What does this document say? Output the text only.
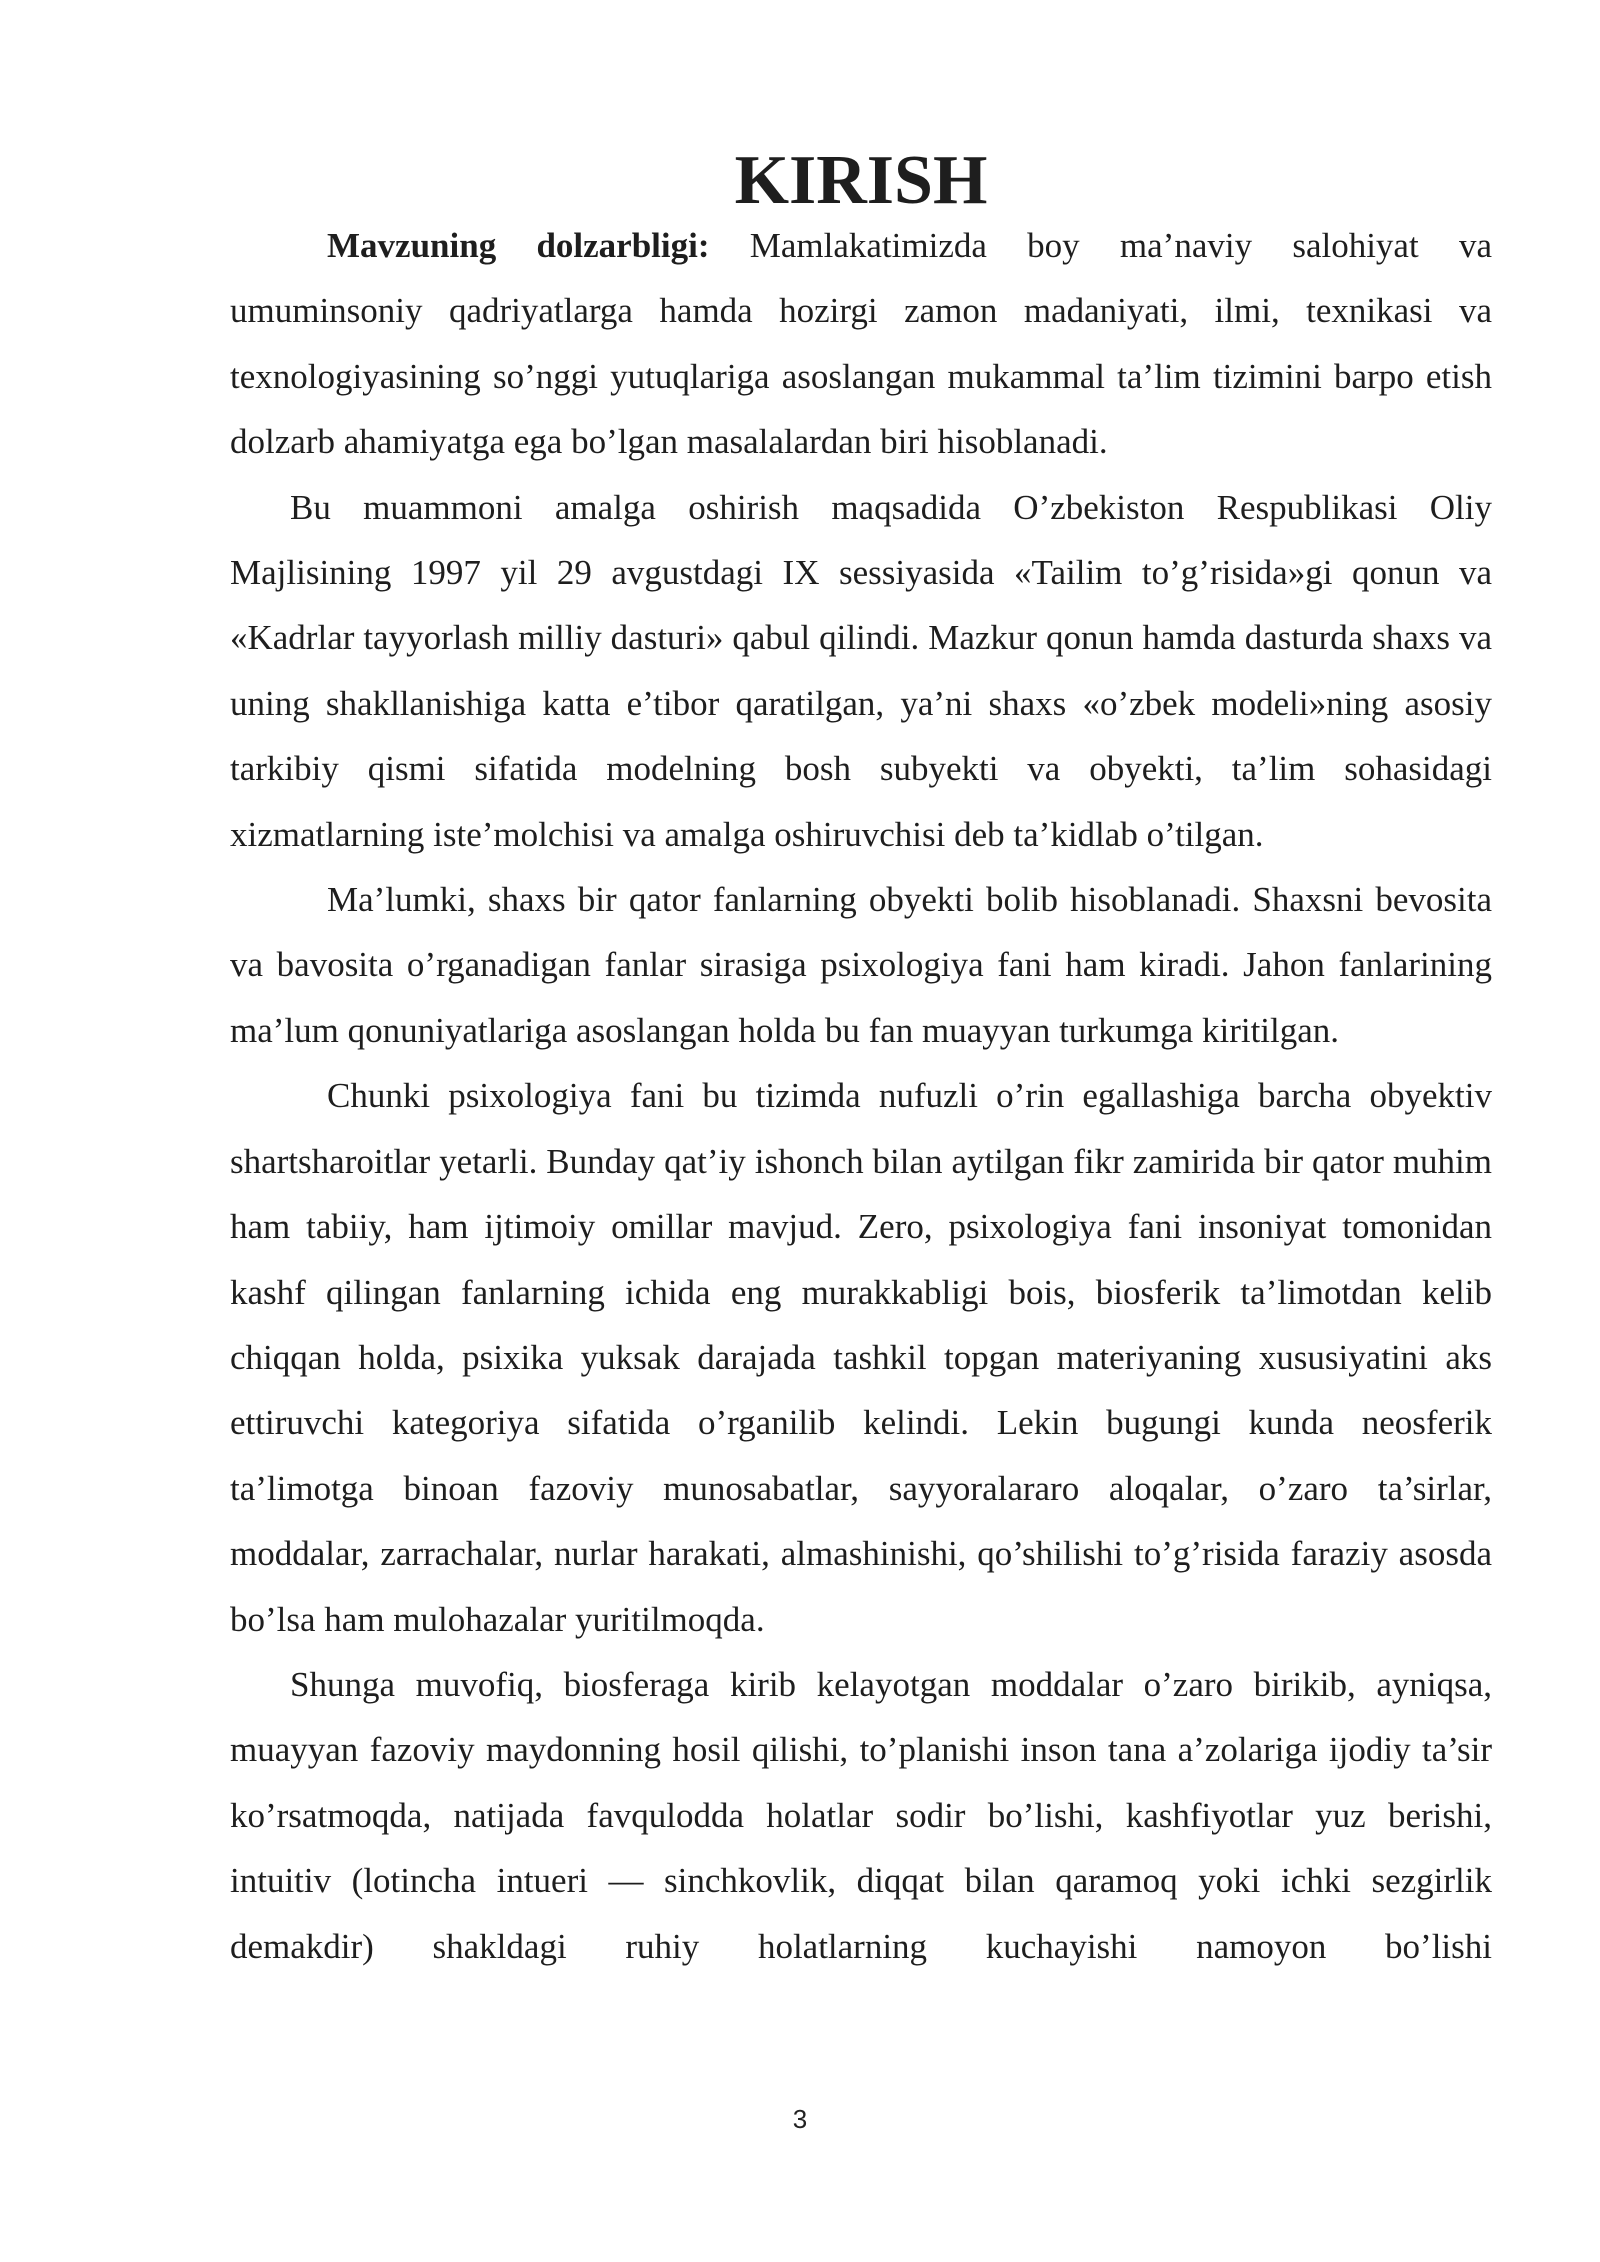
KIRISH

Mavzuning dolzarbligi: Mamlakatimizda boy ma’naviy salohiyat va umuminsoniy qadriyatlarga hamda hozirgi zamon madaniyati, ilmi, texnikasi va texnologiyasining so’nggi yutuqlariga asoslangan mukammal ta’lim tizimini barpo etish dolzarb ahamiyatga ega bo’lgan masalalardan biri hisoblanadi.

Bu muammoni amalga oshirish maqsadida O’zbekiston Respublikasi Oliy Majlisining 1997 yil 29 avgustdagi IX sessiyasida «Tailim to’g’risida»gi qonun va «Kadrlar tayyorlash milliy dasturi» qabul qilindi. Mazkur qonun hamda dasturda shaxs va uning shakllanishiga katta e’tibor qaratilgan, ya’ni shaxs «o’zbek modeli»ning asosiy tarkibiy qismi sifatida modelning bosh subyekti va obyekti, ta’lim sohasidagi xizmatlarning iste’molchisi va amalga oshiruvchisi deb ta’kidlab o’tilgan.

Ma’lumki, shaxs bir qator fanlarning obyekti bolib hisoblanadi. Shaxsni bevosita va bavosita o’rganadigan fanlar sirasiga psixologiya fani ham kiradi. Jahon fanlarining ma’lum qonuniyatlariga asoslangan holda bu fan muayyan turkumga kiritilgan.

Chunki psixologiya fani bu tizimda nufuzli o’rin egallashiga barcha obyektiv shartsharoitlar yetarli. Bunday qat’iy ishonch bilan aytilgan fikr zamirida bir qator muhim ham tabiiy, ham ijtimoiy omillar mavjud. Zero, psixologiya fani insoniyat tomonidan kashf qilingan fanlarning ichida eng murakkabligi bois, biosferik ta’limotdan kelib chiqqan holda, psixika yuksak darajada tashkil topgan materiyaning xususiyatini aks ettiruvchi kategoriya sifatida o’rganilib kelindi. Lekin bugungi kunda neosferik ta’limotga binoan fazoviy munosabatlar, sayyoralararo aloqalar, o’zaro ta’sirlar, moddalar, zarrachalar, nurlar harakati, almashinishi, qo’shilishi to’g’risida faraziy asosda bo’lsa ham mulohazalar yuritilmoqda.

Shunga muvofiq, biosferaga kirib kelayotgan moddalar o’zaro birikib, ayniqsa, muayyan fazoviy maydonning hosil qilishi, to’planishi inson tana a’zolariga ijodiy ta’sir ko’rsatmoqda, natijada favqulodda holatlar sodir bo’lishi, kashfiyotlar yuz berishi, intuitiv (lotincha intueri — sinchkovlik, diqqat bilan qaramoq yoki ichki sezgirlik demakdir) shakldagi ruhiy holatlarning kuchayishi namoyon bo’lishi

3
